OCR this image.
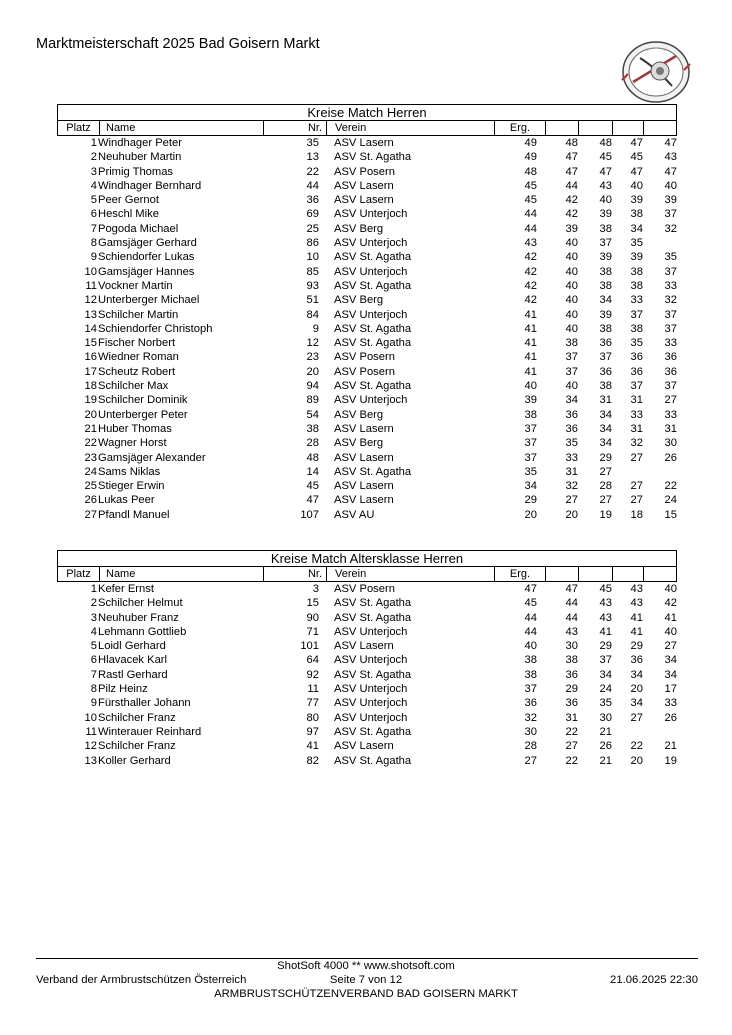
Marktmeisterschaft 2025 Bad Goisern Markt
Kreise Match Herren
Platz	Name	Nr.	Verein	Erg.
1 Windhager Peter	35 ASV Lasern	49	48	48	47	47
2 Neuhuber Martin	13 ASV St. Agatha	49	47	45	45	43
3 Primig Thomas	22 ASV Posern	48	47	47	47	47
4 Windhager Bernhard	44 ASV Lasern	45	44	43	40	40
5 Peer Gernot	36 ASV Lasern	45	42	40	39	39
6 Heschl Mike	69 ASV Unterjoch	44	42	39	38	37
7 Pogoda Michael	25 ASV Berg	44	39	38	34	32
8 Gamsjäger Gerhard	86 ASV Unterjoch	43	40	37	35
9 Schiendorfer Lukas	10 ASV St. Agatha	42	40	39	39	35
10 Gamsjäger Hannes	85 ASV Unterjoch	42	40	38	38	37
11 Vockner Martin	93 ASV St. Agatha	42	40	38	38	33
12 Unterberger Michael	51 ASV Berg	42	40	34	33	32
13 Schilcher Martin	84 ASV Unterjoch	41	40	39	37	37
14 Schiendorfer Christoph	9 ASV St. Agatha	41	40	38	38	37
15 Fischer Norbert	12 ASV St. Agatha	41	38	36	35	33
16 Wiedner Roman	23 ASV Posern	41	37	37	36	36
17 Scheutz Robert	20 ASV Posern	41	37	36	36	36
18 Schilcher Max	94 ASV St. Agatha	40	40	38	37	37
19 Schilcher Dominik	89 ASV Unterjoch	39	34	31	31	27
20 Unterberger Peter	54 ASV Berg	38	36	34	33	33
21 Huber Thomas	38 ASV Lasern	37	36	34	31	31
22 Wagner Horst	28 ASV Berg	37	35	34	32	30
23 Gamsjäger Alexander	48 ASV Lasern	37	33	29	27	26
24 Sams Niklas	14 ASV St. Agatha	35	31	27
25 Stieger Erwin	45 ASV Lasern	34	32	28	27	22
26 Lukas Peer	47 ASV Lasern	29	27	27	27	24
27 Pfandl Manuel	107 ASV AU	20	20	19	18	15
Kreise Match Altersklasse Herren
Platz	Name	Nr.	Verein	Erg.
1 Kefer Ernst	3 ASV Posern	47	47	45	43	40
2 Schilcher Helmut	15 ASV St. Agatha	45	44	43	43	42
3 Neuhuber Franz	90 ASV St. Agatha	44	44	43	41	41
4 Lehmann Gottlieb	71 ASV Unterjoch	44	43	41	41	40
5 Loidl Gerhard	101 ASV Lasern	40	30	29	29	27
6 Hlavacek Karl	64 ASV Unterjoch	38	38	37	36	34
7 Rastl Gerhard	92 ASV St. Agatha	38	36	34	34	34
8 Pilz Heinz	11 ASV Unterjoch	37	29	24	20	17
9 Fürsthaller Johann	77 ASV Unterjoch	36	36	35	34	33
10 Schilcher Franz	80 ASV Unterjoch	32	31	30	27	26
11 Winterauer Reinhard	97 ASV St. Agatha	30	22	21
12 Schilcher Franz	41 ASV Lasern	28	27	26	22	21
13 Koller Gerhard	82 ASV St. Agatha	27	22	21	20	19
ShotSoft 4000 ** www.shotsoft.com
Verband der Armbrustschützen Österreich	Seite 7 von 12	21.06.2025 22:30
ARMBRUSTSCHÜTZENVERBAND BAD GOISERN MARKT
